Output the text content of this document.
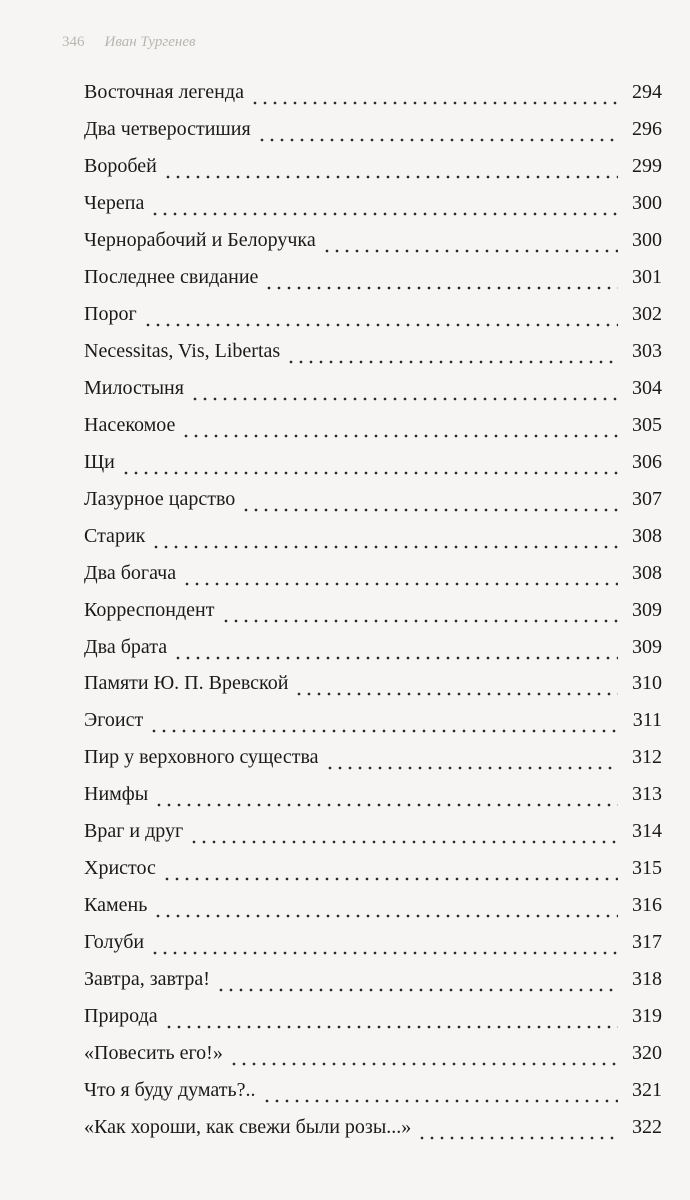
346 Иван Тургенев
Восточная легенда	294
Два четверостишия	296
Воробей	299
Черепа	300
Чернорабочий и Белоручка	300
Последнее свидание	301
Порог	302
Necessitas, Vis, Libertas	303
Милостыня	304
Насекомое	305
Щи	306
Лазурное царство	307
Старик	308
Два богача	308
Корреспондент	309
Два брата	309
Памяти Ю. П. Вревской	310
Эгоист	311
Пир у верховного существа	312
Нимфы	313
Враг и друг	314
Христос	315
Камень	316
Голуби	317
Завтра, завтра!	318
Природа	319
«Повесить его!»	320
Что я буду думать?..	321
«Как хороши, как свежи были розы...»	322
